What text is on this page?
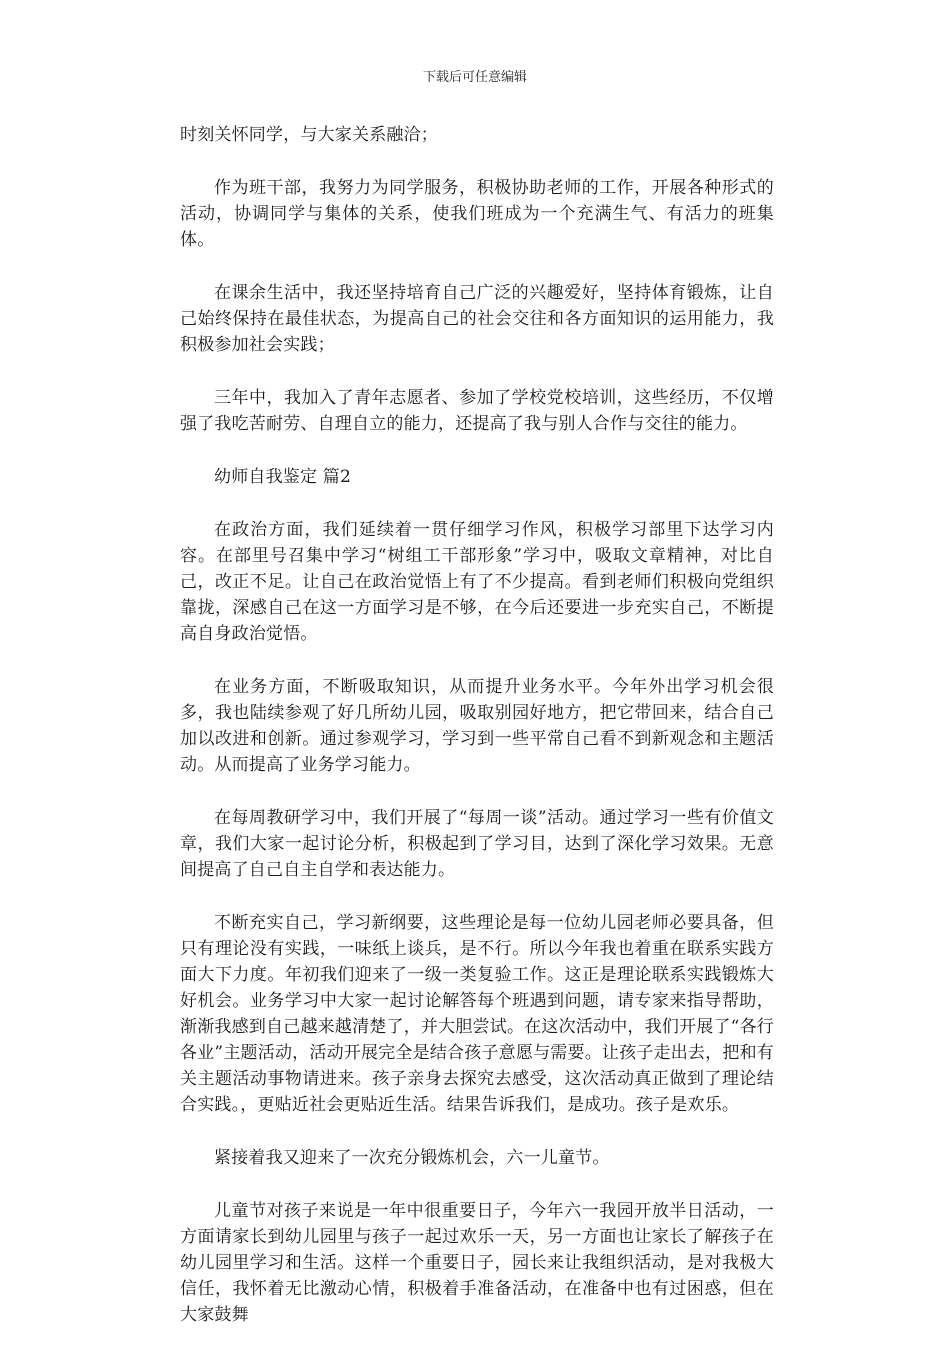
下载后可任意编辑

时刻关怀同学，与大家关系融洽；

作为班干部，我努力为同学服务，积极协助老师的工作，开展各种形式的活动，协调同学与集体的关系，使我们班成为一个充满生气、有活力的班集体。

在课余生活中，我还坚持培育自己广泛的兴趣爱好，坚持体育锻炼，让自己始终保持在最佳状态，为提高自己的社会交往和各方面知识的运用能力，我积极参加社会实践；

三年中，我加入了青年志愿者、参加了学校党校培训，这些经历，不仅增强了我吃苦耐劳、自理自立的能力，还提高了我与别人合作与交往的能力。

幼师自我鉴定 篇2

在政治方面，我们延续着一贯仔细学习作风，积极学习部里下达学习内容。在部里号召集中学习“树组工干部形象”学习中，吸取文章精神，对比自己，改正不足。让自己在政治觉悟上有了不少提高。看到老师们积极向党组织靠拢，深感自己在这一方面学习是不够，在今后还要进一步充实自己，不断提高自身政治觉悟。

在业务方面，不断吸取知识，从而提升业务水平。今年外出学习机会很多，我也陆续参观了好几所幼儿园，吸取别园好地方，把它带回来，结合自己加以改进和创新。通过参观学习，学习到一些平常自己看不到新观念和主题活动。从而提高了业务学习能力。

在每周教研学习中，我们开展了“每周一谈”活动。通过学习一些有价值文章，我们大家一起讨论分析，积极起到了学习目，达到了深化学习效果。无意间提高了自己自主自学和表达能力。

不断充实自己，学习新纲要，这些理论是每一位幼儿园老师必要具备，但只有理论没有实践，一味纸上谈兵，是不行。所以今年我也着重在联系实践方面大下力度。年初我们迎来了一级一类复验工作。这正是理论联系实践锻炼大好机会。业务学习中大家一起讨论解答每个班遇到问题，请专家来指导帮助，渐渐我感到自己越来越清楚了，并大胆尝试。在这次活动中，我们开展了“各行各业”主题活动，活动开展完全是结合孩子意愿与需要。让孩子走出去，把和有关主题活动事物请进来。孩子亲身去探究去感受，这次活动真正做到了理论结合实践。，更贴近社会更贴近生活。结果告诉我们，是成功。孩子是欢乐。

紧接着我又迎来了一次充分锻炼机会，六一儿童节。

儿童节对孩子来说是一年中很重要日子，今年六一我园开放半日活动，一方面请家长到幼儿园里与孩子一起过欢乐一天，另一方面也让家长了解孩子在幼儿园里学习和生活。这样一个重要日子，园长来让我组织活动，是对我极大信任，我怀着无比激动心情，积极着手准备活动，在准备中也有过困惑，但在大家鼓舞
